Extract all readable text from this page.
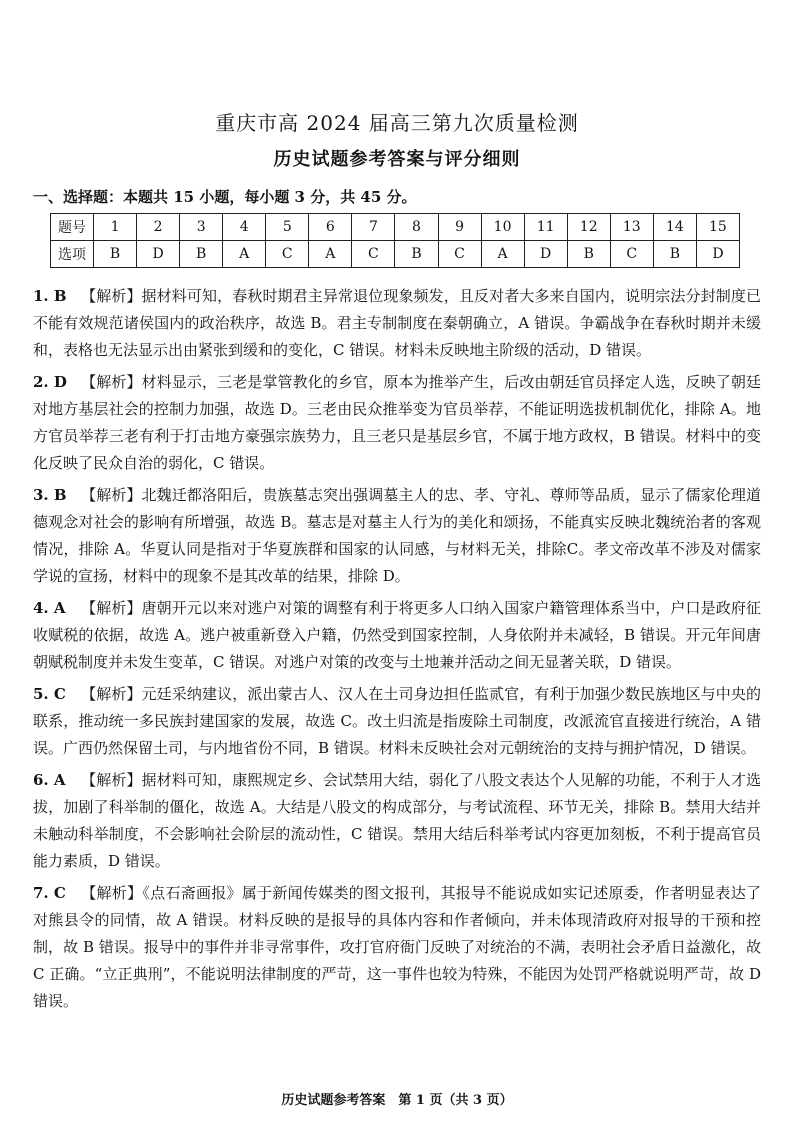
重庆市高 2024 届高三第九次质量检测
历史试题参考答案与评分细则
一、选择题：本题共 15 小题，每小题 3 分，共 45 分。
题号	1	2	3	4	5	6	7	8	9	10	11	12	13	14	15
选项	B	D	B	A	C	A	C	B	C	A	D	B	C	B	D
1. B 【解析】据材料可知，春秋时期君主异常退位现象频发，且反对者大多来自国内，说明宗法分封制度已不能有效规范诸侯国内的政治秩序，故选 B。君主专制制度在秦朝确立，A 错误。争霸战争在春秋时期并未缓和，表格也无法显示出由紧张到缓和的变化，C 错误。材料未反映地主阶级的活动，D 错误。
2. D 【解析】材料显示，三老是掌管教化的乡官，原本为推举产生，后改由朝廷官员择定人选，反映了朝廷对地方基层社会的控制力加强，故选 D。三老由民众推举变为官员举荐，不能证明选拔机制优化，排除 A。地方官员举荐三老有利于打击地方豪强宗族势力，且三老只是基层乡官，不属于地方政权，B 错误。材料中的变化反映了民众自治的弱化，C 错误。
3. B 【解析】北魏迁都洛阳后，贵族墓志突出强调墓主人的忠、孝、守礼、尊师等品质，显示了儒家伦理道德观念对社会的影响有所增强，故选 B。墓志是对墓主人行为的美化和颂扬，不能真实反映北魏统治者的客观情况，排除 A。华夏认同是指对于华夏族群和国家的认同感，与材料无关，排除C。孝文帝改革不涉及对儒家学说的宣扬，材料中的现象不是其改革的结果，排除 D。
4. A 【解析】唐朝开元以来对逃户对策的调整有利于将更多人口纳入国家户籍管理体系当中，户口是政府征收赋税的依据，故选 A。逃户被重新登入户籍，仍然受到国家控制，人身依附并未减轻，B 错误。开元年间唐朝赋税制度并未发生变革，C 错误。对逃户对策的改变与土地兼并活动之间无显著关联，D 错误。
5. C 【解析】元廷采纳建议，派出蒙古人、汉人在土司身边担任监贰官，有利于加强少数民族地区与中央的联系，推动统一多民族封建国家的发展，故选 C。改土归流是指废除土司制度，改派流官直接进行统治，A 错误。广西仍然保留土司，与内地省份不同，B 错误。材料未反映社会对元朝统治的支持与拥护情况，D 错误。
6. A 【解析】据材料可知，康熙规定乡、会试禁用大结，弱化了八股文表达个人见解的功能，不利于人才选拔，加剧了科举制的僵化，故选 A。大结是八股文的构成部分，与考试流程、环节无关，排除 B。禁用大结并未触动科举制度，不会影响社会阶层的流动性，C 错误。禁用大结后科举考试内容更加刻板，不利于提高官员能力素质，D 错误。
7. C 【解析】《点石斋画报》属于新闻传媒类的图文报刊，其报导不能说成如实记述原委，作者明显表达了对熊县令的同情，故 A 错误。材料反映的是报导的具体内容和作者倾向，并未体现清政府对报导的干预和控制，故 B 错误。报导中的事件并非寻常事件，攻打官府衙门反映了对统治的不满，表明社会矛盾日益激化，故 C 正确。“立正典刑”，不能说明法律制度的严苛，这一事件也较为特殊，不能因为处罚严格就说明严苛，故 D 错误。
历史试题参考答案　第 1 页（共 3 页）
